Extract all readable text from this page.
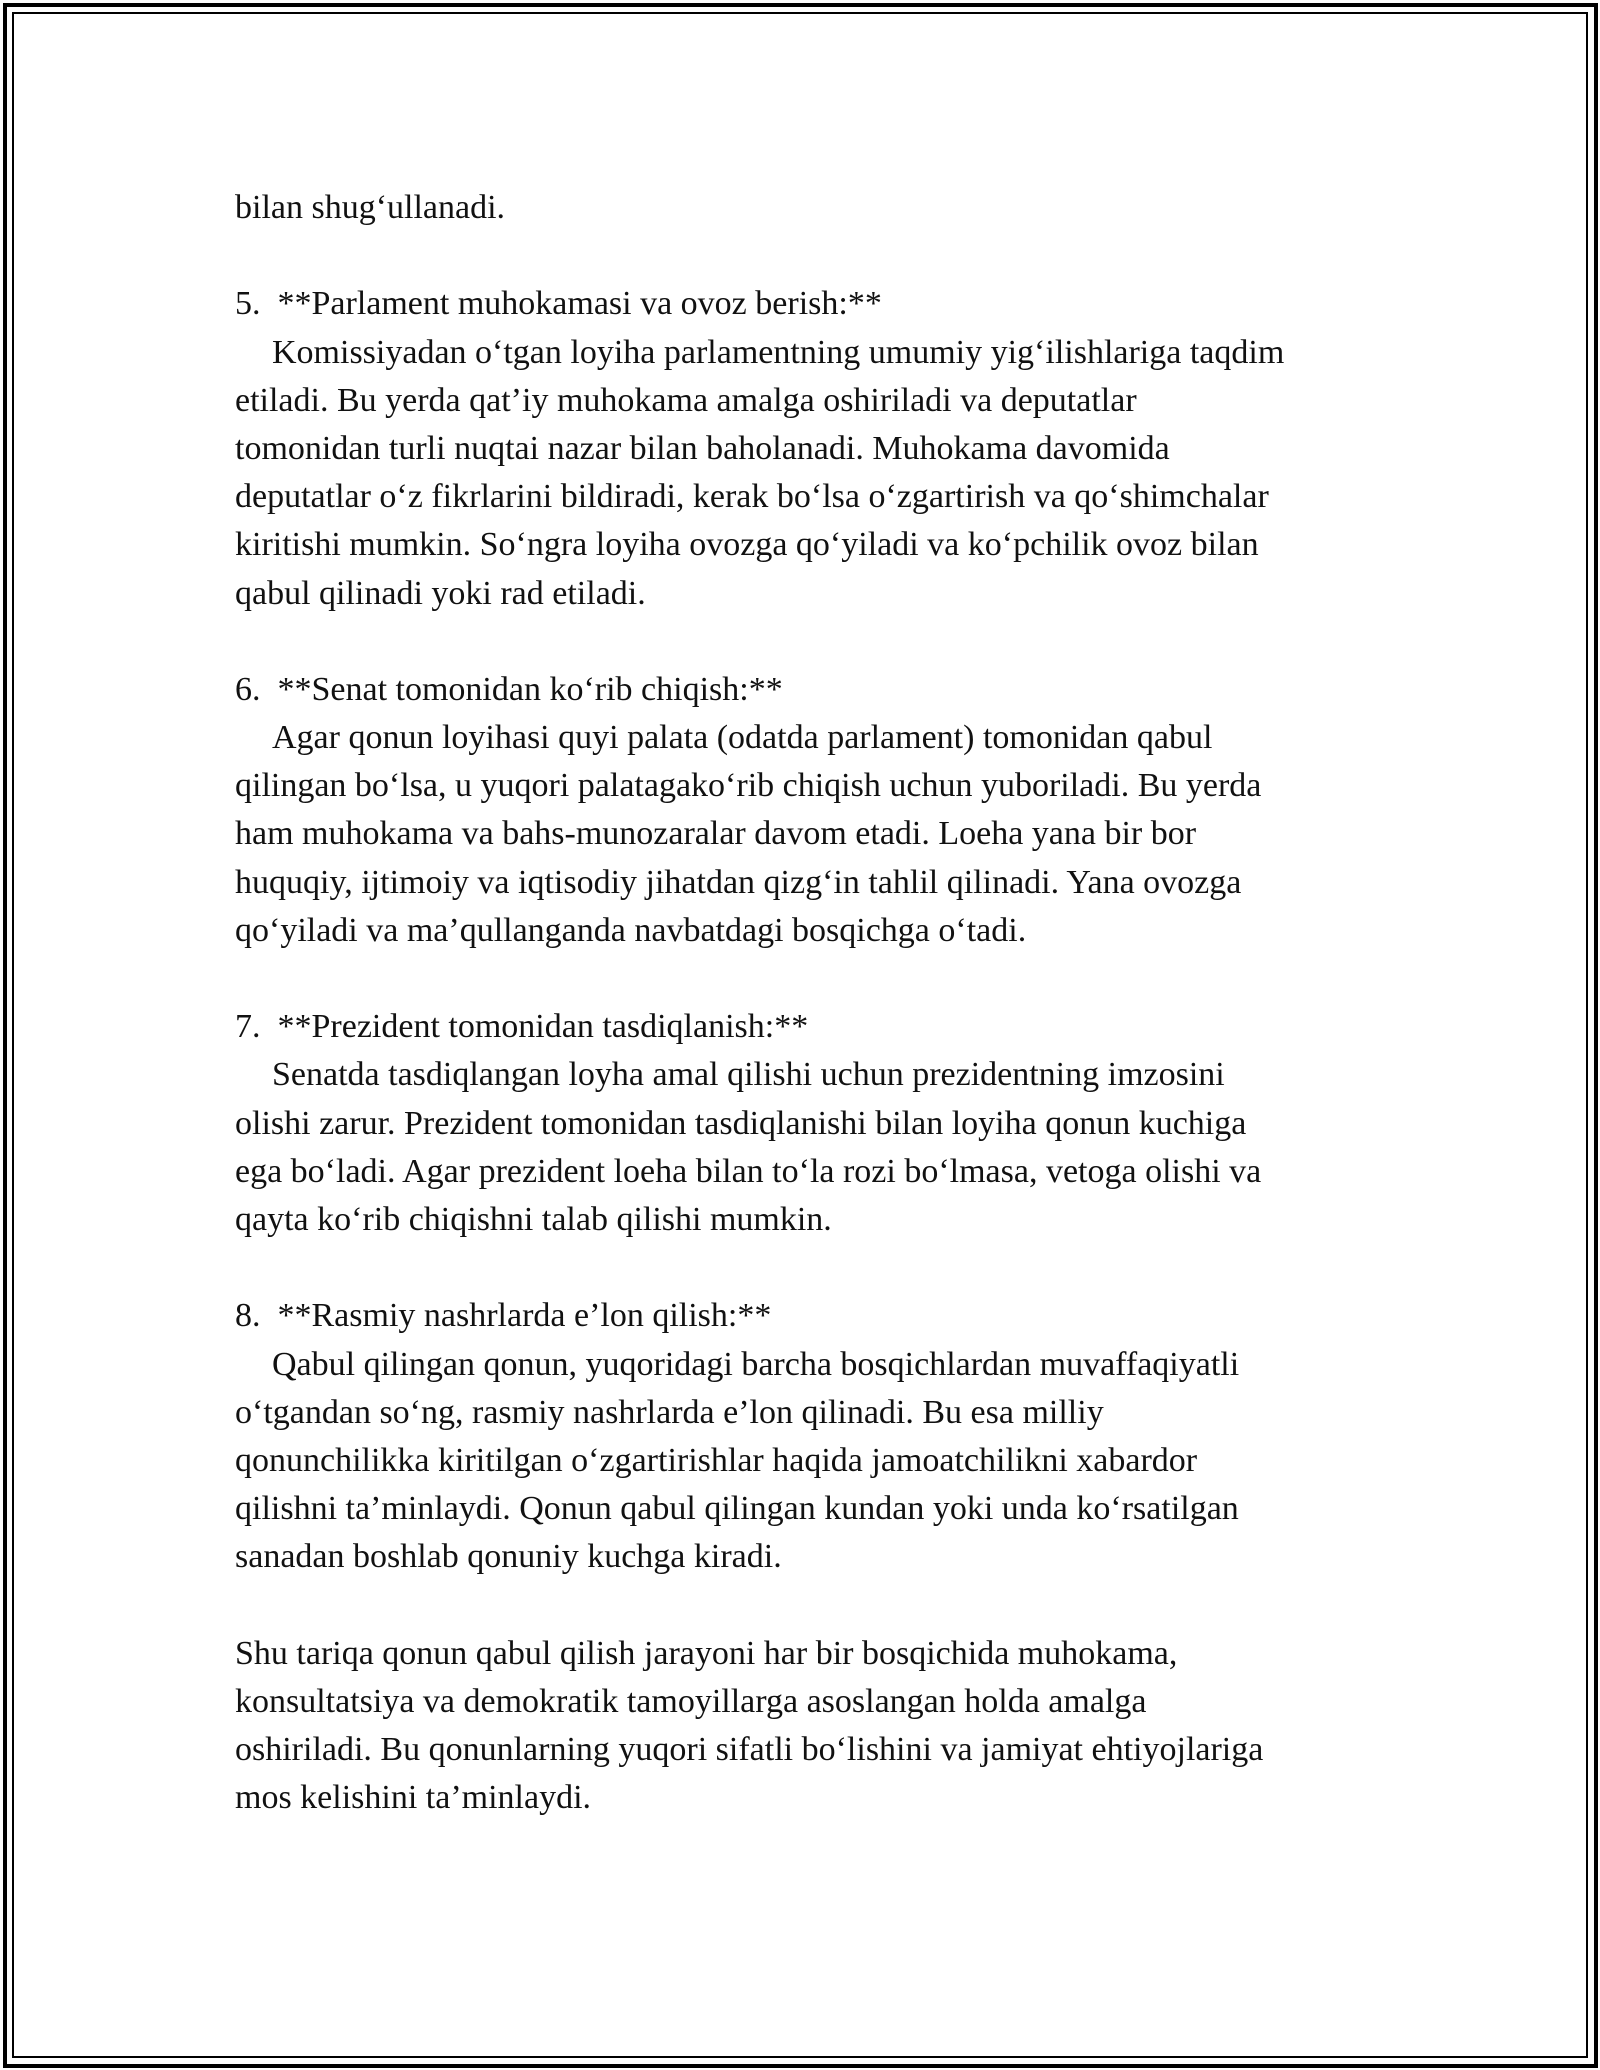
bilan shug‘ullanadi.
5.  **Parlament muhokamasi va ovoz berish:**
Komissiyadan o‘tgan loyiha parlamentning umumiy yig‘ilishlariga taqdim
etiladi. Bu yerda qat’iy muhokama amalga oshiriladi va deputatlar
tomonidan turli nuqtai nazar bilan baholanadi. Muhokama davomida
deputatlar o‘z fikrlarini bildiradi, kerak bo‘lsa o‘zgartirish va qo‘shimchalar
kiritishi mumkin. So‘ngra loyiha ovozga qo‘yiladi va ko‘pchilik ovoz bilan
qabul qilinadi yoki rad etiladi.
6.  **Senat tomonidan ko‘rib chiqish:**
Agar qonun loyihasi quyi palata (odatda parlament) tomonidan qabul
qilingan bo‘lsa, u yuqori palatagako‘rib chiqish uchun yuboriladi. Bu yerda
ham muhokama va bahs-munozaralar davom etadi. Loeha yana bir bor
huquqiy, ijtimoiy va iqtisodiy jihatdan qizg‘in tahlil qilinadi. Yana ovozga
qo‘yiladi va ma’qullanganda navbatdagi bosqichga o‘tadi.
7.  **Prezident tomonidan tasdiqlanish:**
Senatda tasdiqlangan loyha amal qilishi uchun prezidentning imzosini
olishi zarur. Prezident tomonidan tasdiqlanishi bilan loyiha qonun kuchiga
ega bo‘ladi. Agar prezident loeha bilan to‘la rozi bo‘lmasa, vetoga olishi va
qayta ko‘rib chiqishni talab qilishi mumkin.
8.  **Rasmiy nashrlarda e’lon qilish:**
Qabul qilingan qonun, yuqoridagi barcha bosqichlardan muvaffaqiyatli
o‘tgandan so‘ng, rasmiy nashrlarda e’lon qilinadi. Bu esa milliy
qonunchilikka kiritilgan o‘zgartirishlar haqida jamoatchilikni xabardor
qilishni ta’minlaydi. Qonun qabul qilingan kundan yoki unda ko‘rsatilgan
sanadan boshlab qonuniy kuchga kiradi.
Shu tariqa qonun qabul qilish jarayoni har bir bosqichida muhokama,
konsultatsiya va demokratik tamoyillarga asoslangan holda amalga
oshiriladi. Bu qonunlarning yuqori sifatli bo‘lishini va jamiyat ehtiyojlariga
mos kelishini ta’minlaydi.
